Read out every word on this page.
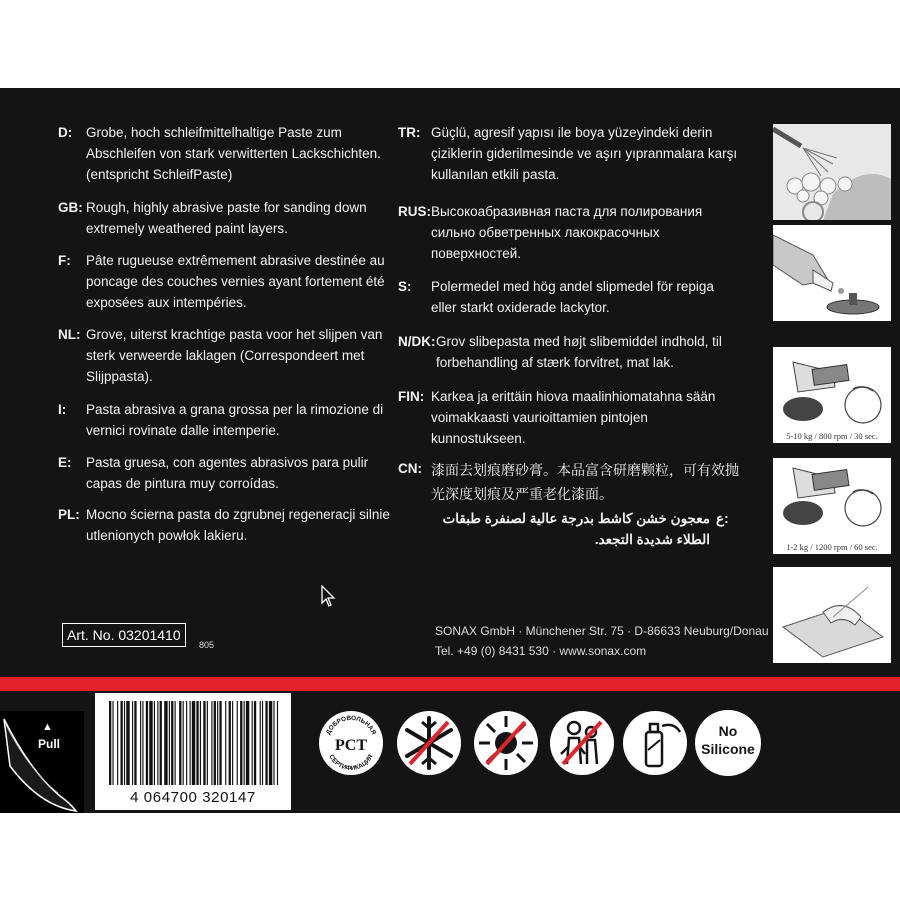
D: Grobe, hoch schleifmittelhaltige Paste zum Abschleifen von stark verwitterten Lackschichten. (entspricht SchleifPaste)
GB: Rough, highly abrasive paste for sanding down extremely weathered paint layers.
F: Pâte rugueuse extrêmement abrasive destinée au poncage des couches vernies ayant fortement été exposées aux intempéries.
NL: Grove, uiterst krachtige pasta voor het slijpen van sterk verweerde laklagen (Correspondeert met Slijppasta).
I: Pasta abrasiva a grana grossa per la rimozione di vernici rovinate dalle intemperie.
E: Pasta gruesa, con agentes abrasivos para pulir capas de pintura muy corroídas.
PL: Mocno ścierna pasta do zgrubnej regeneracji silnie utlenionych powłok lakieru.
TR: Güçlü, agresif yapısı ile boya yüzeyindeki derin çiziklerin giderilmesinde ve aşırı yıpranmalara karşı kullanılan etkili pasta.
RUS: Высокоабразивная паста для полирования сильно обветренных лакокрасочных поверхностей.
S: Polermedel med hög andel slipmedel för repiga eller starkt oxiderade lackytor.
N/DK: Grov slibepasta med højt slibemiddel indhold, til forbehandling af stærk forvitret, mat lak.
FIN: Karkea ja erittäin hiova maalinhiomatahna sään voimakkaasti vaurioittamien pintojen kunnostukseen.
CN: 漆面去划痕磨砂膏。本品富含研磨颗粒，可有效抛光深度划痕及严重老化漆面。
ع:
معجون خشن كاشط بدرجة عالية لصنفرة طبقات الطلاء شديدة التجعد.
Art. No. 03201410
805
SONAX GmbH · Münchener Str. 75 · D-86633 Neuburg/Donau
Tel. +49 (0) 8431 530 · www.sonax.com
5-10 kg / 800 rpm / 30 sec.
1-2 kg / 1200 rpm / 60 sec.
▲
Pull
4 064700 320147
ДОБРОВОЛЬНАЯ
СЕРТИФИКАЦИЯ
PCT
No
Silicone
